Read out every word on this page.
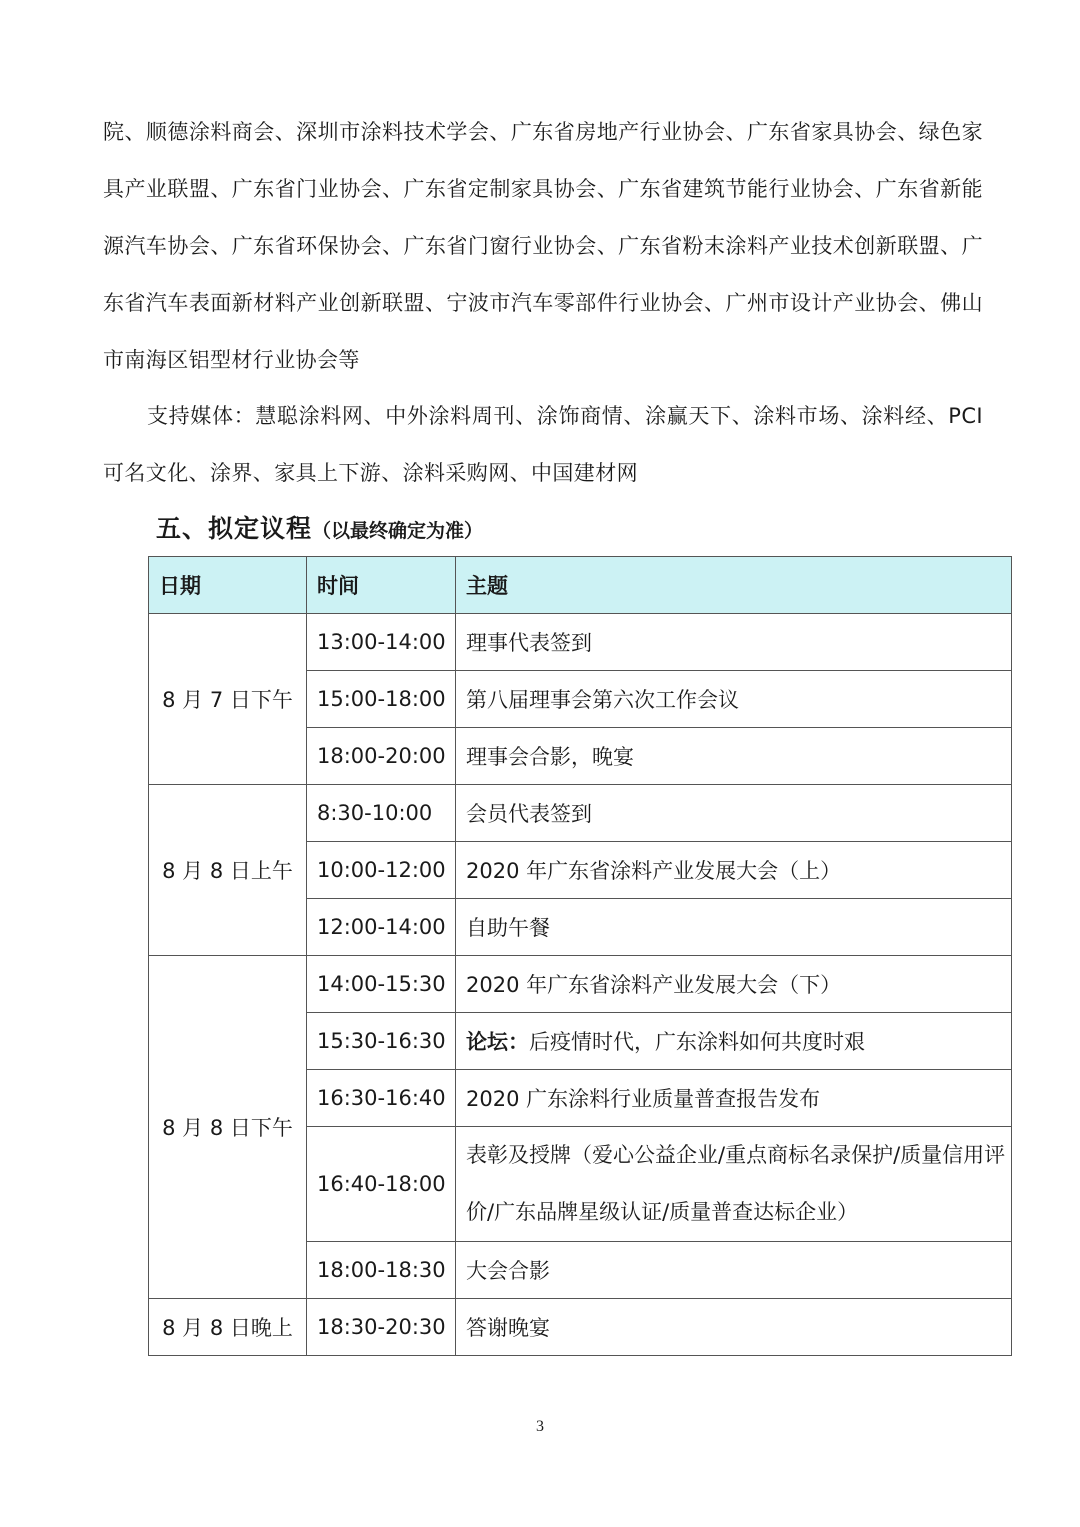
院、顺德涂料商会、深圳市涂料技术学会、广东省房地产行业协会、广东省家具协会、绿色家具产业联盟、广东省门业协会、广东省定制家具协会、广东省建筑节能行业协会、广东省新能源汽车协会、广东省环保协会、广东省门窗行业协会、广东省粉末涂料产业技术创新联盟、广东省汽车表面新材料产业创新联盟、宁波市汽车零部件行业协会、广州市设计产业协会、佛山市南海区铝型材行业协会等

支持媒体：慧聪涂料网、中外涂料周刊、涂饰商情、涂赢天下、涂料市场、涂料经、PCI可名文化、涂界、家具上下游、涂料采购网、中国建材网

五、拟定议程（以最终确定为准）
日期	时间	主题
8 月 7 日下午	13:00-14:00	理事代表签到
	15:00-18:00	第八届理事会第六次工作会议
	18:00-20:00	理事会合影，晚宴
8 月 8 日上午	8:30-10:00	会员代表签到
	10:00-12:00	2020 年广东省涂料产业发展大会（上）
	12:00-14:00	自助午餐
8 月 8 日下午	14:00-15:30	2020 年广东省涂料产业发展大会（下）
	15:30-16:30	论坛：后疫情时代，广东涂料如何共度时艰
	16:30-16:40	2020 广东涂料行业质量普查报告发布
	16:40-18:00	表彰及授牌（爱心公益企业/重点商标名录保护/质量信用评价/广东品牌星级认证/质量普查达标企业）
	18:00-18:30	大会合影
8 月 8 日晚上	18:30-20:30	答谢晚宴
3
